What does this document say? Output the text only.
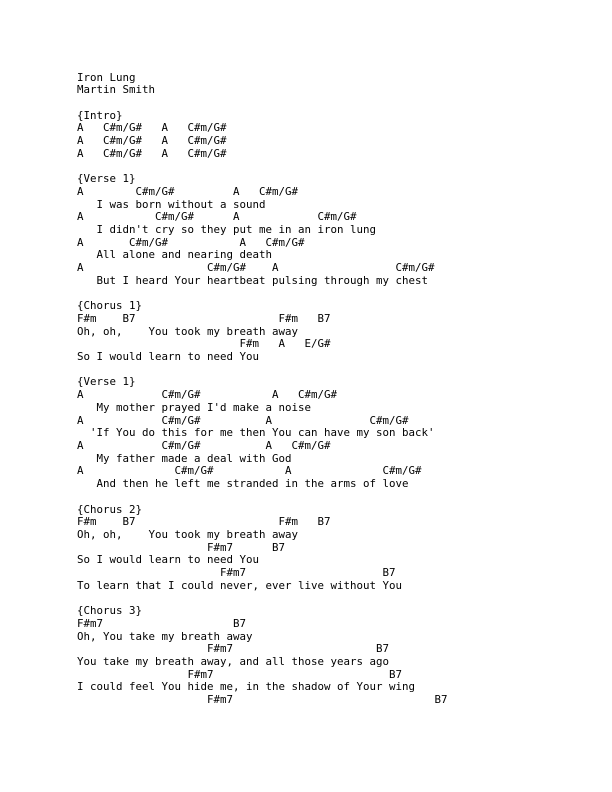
Iron Lung
Martin Smith
{Intro}
A   C#m/G#   A   C#m/G#
A   C#m/G#   A   C#m/G#
A   C#m/G#   A   C#m/G#
{Verse 1}
A        C#m/G#         A   C#m/G#
I was born without a sound
A           C#m/G#      A            C#m/G#
I didn't cry so they put me in an iron lung
A       C#m/G#           A   C#m/G#
All alone and nearing death
A                   C#m/G#    A                  C#m/G#
But I heard Your heartbeat pulsing through my chest
{Chorus 1}
F#m    B7                      F#m   B7
Oh, oh,    You took my breath away
F#m   A   E/G#
So I would learn to need You
{Verse 1}
A            C#m/G#           A   C#m/G#
My mother prayed I'd make a noise
A            C#m/G#          A               C#m/G#
'If You do this for me then You can have my son back'
A            C#m/G#          A   C#m/G#
My father made a deal with God
A              C#m/G#           A              C#m/G#
And then he left me stranded in the arms of love
{Chorus 2}
F#m    B7                      F#m   B7
Oh, oh,    You took my breath away
F#m7      B7
So I would learn to need You
F#m7                     B7
To learn that I could never, ever live without You
{Chorus 3}
F#m7                    B7
Oh, You take my breath away
F#m7                      B7
You take my breath away, and all those years ago
F#m7                           B7
I could feel You hide me, in the shadow of Your wing
F#m7                               B7
